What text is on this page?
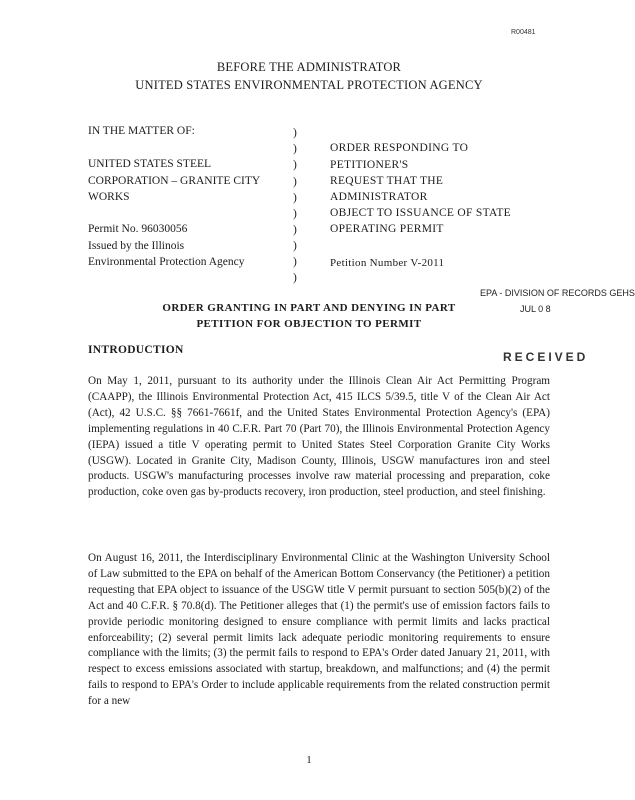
R00481
BEFORE THE ADMINISTRATOR
UNITED STATES ENVIRONMENTAL PROTECTION AGENCY
IN THE MATTER OF:
UNITED STATES STEEL
CORPORATION – GRANITE CITY
WORKS
Permit No. 96030056
Issued by the Illinois
Environmental Protection Agency
)
)
)
)
)
)
)
)
)
)
ORDER RESPONDING TO
PETITIONER'S
REQUEST THAT THE
ADMINISTRATOR
OBJECT TO ISSUANCE OF STATE
OPERATING PERMIT
Petition Number V-2011
EPA - DIVISION OF RECORDS GEHS
JUL 0 8
RECEIVED
ORDER GRANTING IN PART AND DENYING IN PART
PETITION FOR OBJECTION TO PERMIT
INTRODUCTION
On May 1, 2011, pursuant to its authority under the Illinois Clean Air Act Permitting Program (CAAPP), the Illinois Environmental Protection Act, 415 ILCS 5/39.5, title V of the Clean Air Act (Act), 42 U.S.C. §§ 7661-7661f, and the United States Environmental Protection Agency's (EPA) implementing regulations in 40 C.F.R. Part 70 (Part 70), the Illinois Environmental Protection Agency (IEPA) issued a title V operating permit to United States Steel Corporation Granite City Works (USGW). Located in Granite City, Madison County, Illinois, USGW manufactures iron and steel products. USGW's manufacturing processes involve raw material processing and preparation, coke production, coke oven gas by-products recovery, iron production, steel production, and steel finishing.
On August 16, 2011, the Interdisciplinary Environmental Clinic at the Washington University School of Law submitted to the EPA on behalf of the American Bottom Conservancy (the Petitioner) a petition requesting that EPA object to issuance of the USGW title V permit pursuant to section 505(b)(2) of the Act and 40 C.F.R. § 70.8(d). The Petitioner alleges that (1) the permit's use of emission factors fails to provide periodic monitoring designed to ensure compliance with permit limits and lacks practical enforceability; (2) several permit limits lack adequate periodic monitoring requirements to ensure compliance with the limits; (3) the permit fails to respond to EPA's Order dated January 21, 2011, with respect to excess emissions associated with startup, breakdown, and malfunctions; and (4) the permit fails to respond to EPA's Order to include applicable requirements from the related construction permit for a new
1
